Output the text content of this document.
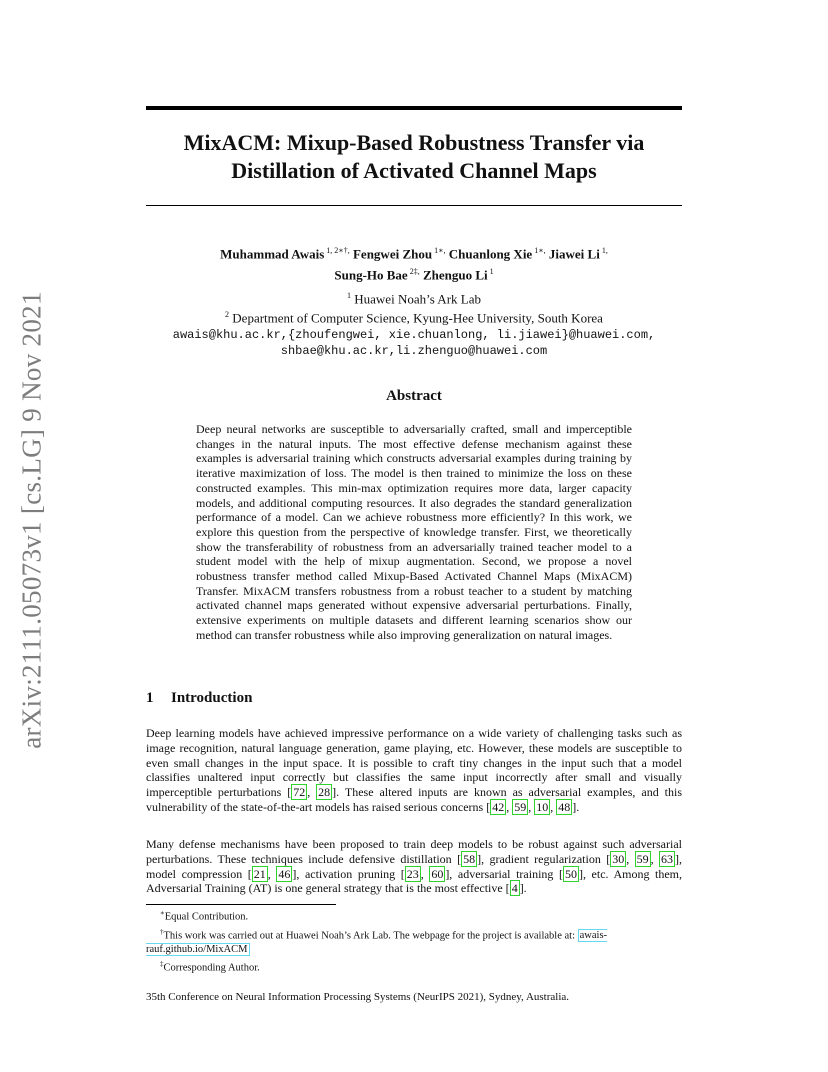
arXiv:2111.05073v1 [cs.LG] 9 Nov 2021
MixACM: Mixup-Based Robustness Transfer via Distillation of Activated Channel Maps
Muhammad Awais $^{1, 2∗\dagger,}$ Fengwei Zhou $^{1∗,}$ Chuanlong Xie $^{1∗,}$ Jiawei Li $^{1,}$
Sung-Ho Bae $^{2\ddagger,}$ Zhenguo Li $^1$
$^1$ Huawei Noah’s Ark Lab
$^2$ Department of Computer Science, Kyung-Hee University, South Korea
awais@khu.ac.kr,{zhoufengwei, xie.chuanlong, li.jiawei}@huawei.com,
shbae@khu.ac.kr,li.zhenguo@huawei.com
Abstract

Deep neural networks are susceptible to adversarially crafted, small and imperceptible changes in the natural inputs. The most effective defense mechanism against these examples is adversarial training which constructs adversarial examples during training by iterative maximization of loss. The model is then trained to minimize the loss on these constructed examples. This min-max optimization requires more data, larger capacity models, and additional computing resources. It also degrades the standard generalization performance of a model. Can we achieve robustness more efficiently? In this work, we explore this question from the perspective of knowledge transfer. First, we theoretically show the transferability of robustness from an adversarially trained teacher model to a student model with the help of mixup augmentation. Second, we propose a novel robustness transfer method called Mixup-Based Activated Channel Maps (MixACM) Transfer. MixACM transfers robustness from a robust teacher to a student by matching activated channel maps generated without expensive adversarial perturbations. Finally, extensive experiments on multiple datasets and different learning scenarios show our method can transfer robustness while also improving generalization on natural images.

1 Introduction

Deep learning models have achieved impressive performance on a wide variety of challenging tasks such as image recognition, natural language generation, game playing, etc. However, these models are susceptible to even small changes in the input space. It is possible to craft tiny changes in the input such that a model classifies unaltered input correctly but classifies the same input incorrectly after small and visually imperceptible perturbations [ 72 , 28 ]. These altered inputs are known as adversarial examples, and this vulnerability of the state-of-the-art models has raised serious concerns [ 42 , 59 , 10 , 48 ].

Many defense mechanisms have been proposed to train deep models to be robust against such adversarial perturbations. These techniques include defensive distillation [ 58 ], gradient regularization [ 30 , 59 , 63 ], model compression [ 21 , 46 ], activation pruning [ 23 , 60 ], adversarial training [ 50 ], etc. Among them, Adversarial Training (AT) is one general strategy that is the most effective [ 4 ].

∗Equal Contribution.
†This work was carried out at Huawei Noah’s Ark Lab. The webpage for the project is available at: awais-rauf.github.io/MixACM
‡Corresponding Author.
35th Conference on Neural Information Processing Systems (NeurIPS 2021), Sydney, Australia.
